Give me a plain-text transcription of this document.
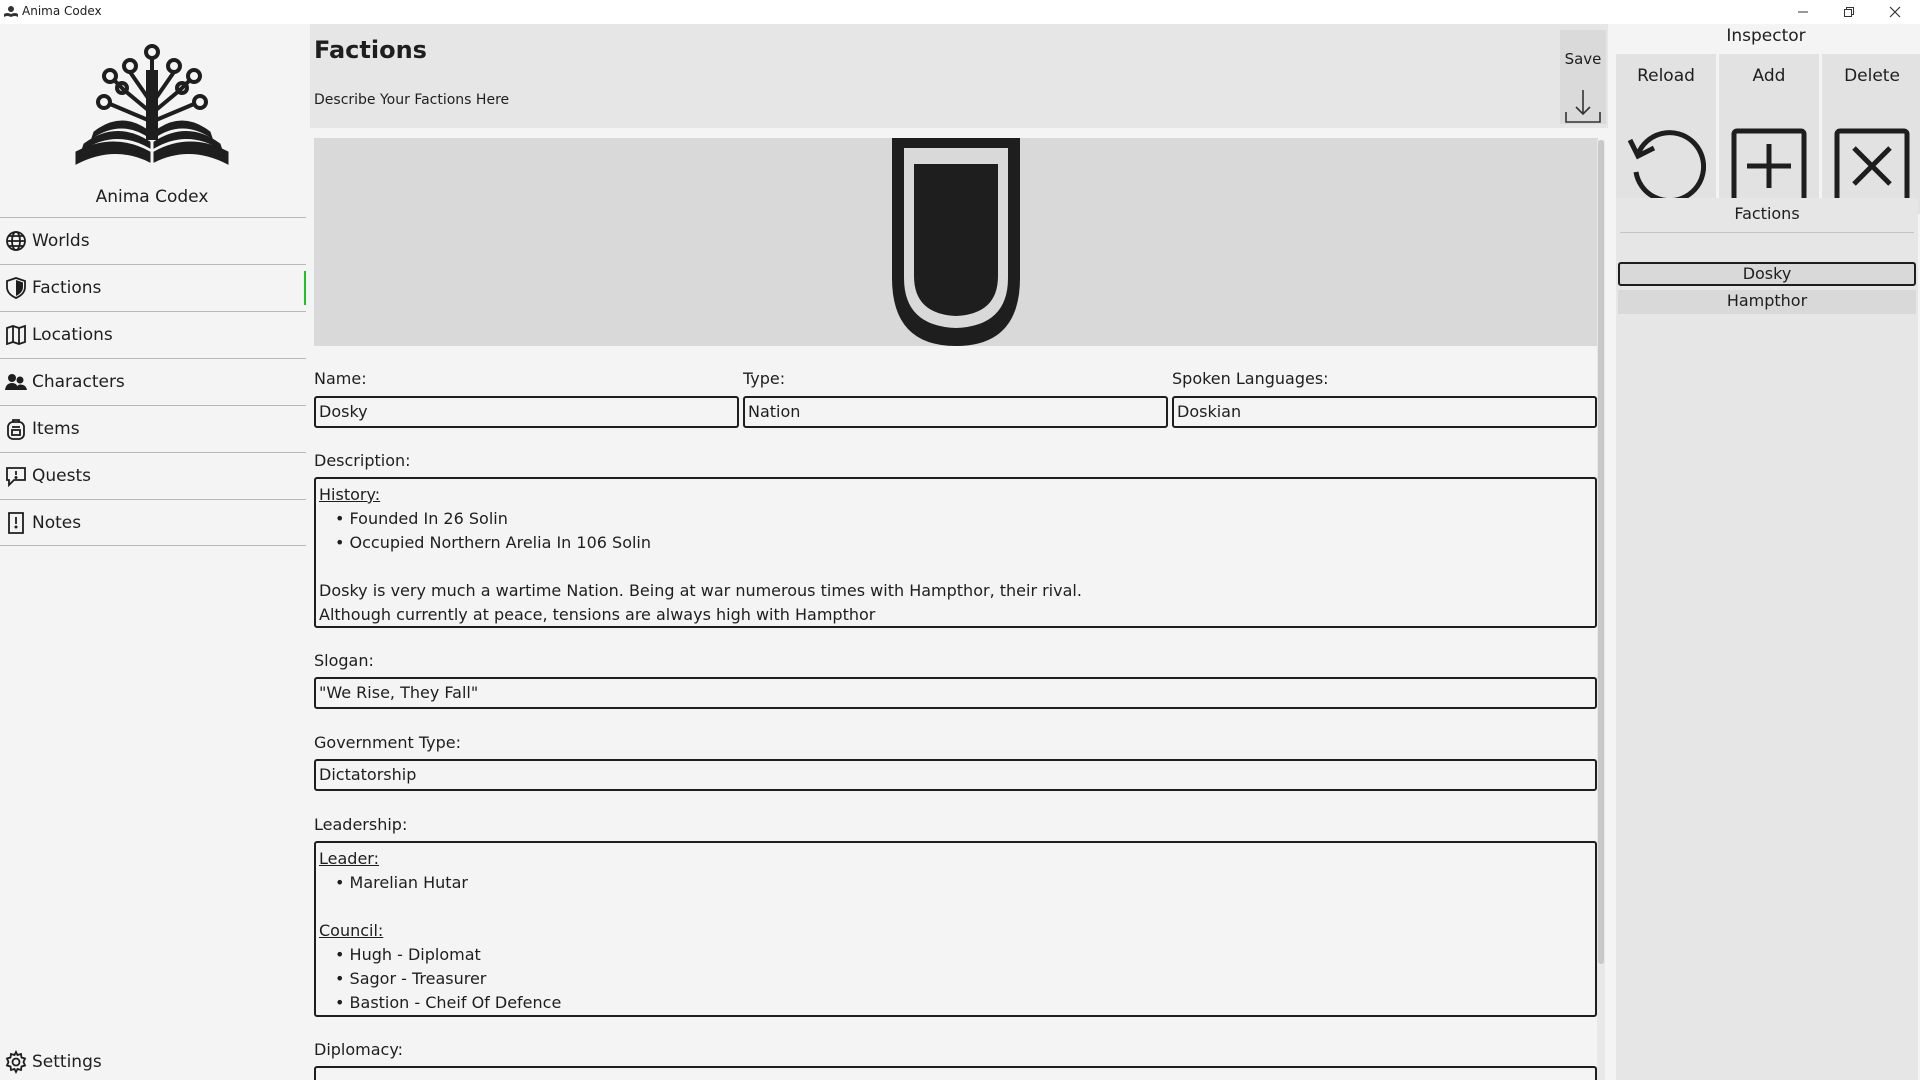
Anima Codex
Anima Codex
Worlds
Factions
Locations
Characters
Items
Quests
Notes
Settings
Factions
Describe Your Factions Here
Save
Name:
Dosky
Type:
Nation
Spoken Languages:
Doskian
Description:
History:
• Founded In 26 Solin
• Occupied Northern Arelia In 106 Solin
Dosky is very much a wartime Nation. Being at war numerous times with Hampthor, their rival.
Although currently at peace, tensions are always high with Hampthor
Slogan:
"We Rise, They Fall"
Government Type:
Dictatorship
Leadership:
Leader:
• Marelian Hutar
Council:
• Hugh - Diplomat
• Sagor - Treasurer
• Bastion - Cheif Of Defence
Diplomacy:
Inspector
Reload	Add	Delete
Factions
Dosky
Hampthor
